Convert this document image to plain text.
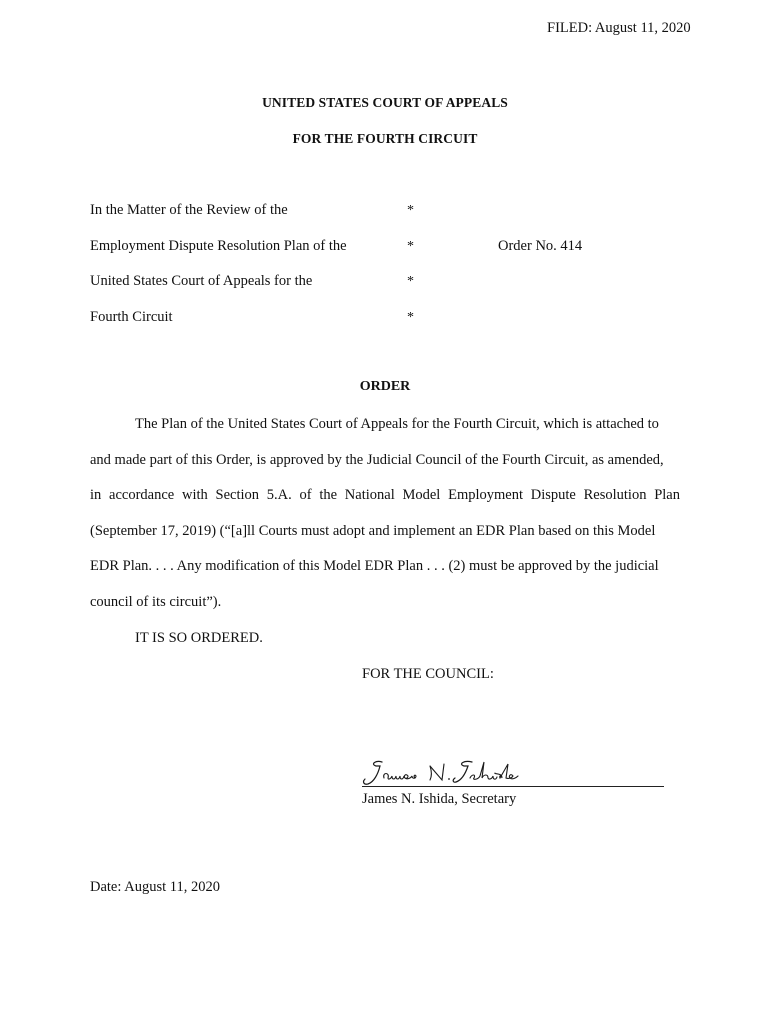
FILED: August 11, 2020
UNITED STATES COURT OF APPEALS
FOR THE FOURTH CIRCUIT
In the Matter of the Review of the
Employment Dispute Resolution Plan of the
United States Court of Appeals for the
Fourth Circuit
*
*
*
*
Order No. 414
ORDER
The Plan of the United States Court of Appeals for the Fourth Circuit, which is attached to
and made part of this Order, is approved by the Judicial Council of the Fourth Circuit, as amended,
in accordance with Section 5.A. of the National Model Employment Dispute Resolution Plan
(September 17, 2019) (“[a]ll Courts must adopt and implement an EDR Plan based on this Model
EDR Plan. . . . Any modification of this Model EDR Plan . . . (2) must be approved by the judicial
council of its circuit”).
IT IS SO ORDERED.
FOR THE COUNCIL:
James N. Ishida, Secretary
Date: August 11, 2020
